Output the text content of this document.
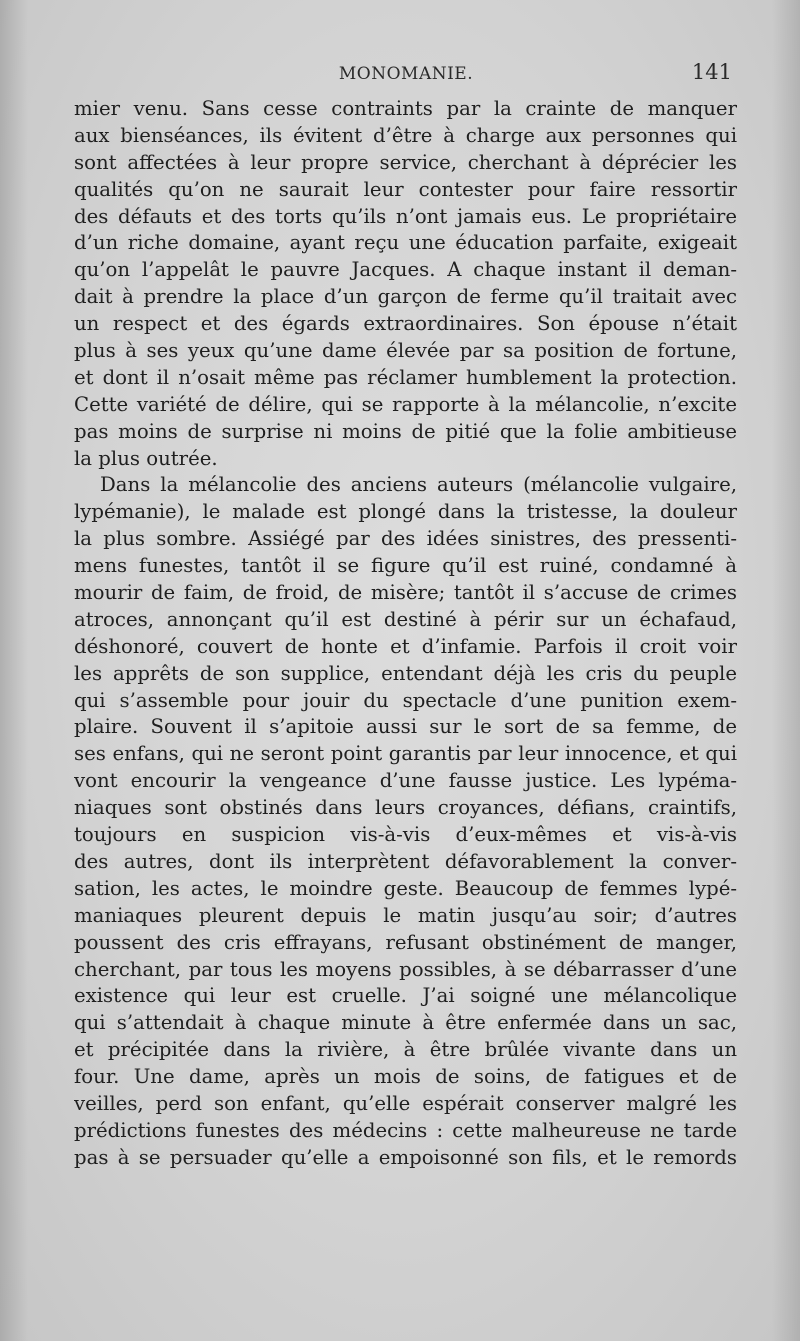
MONOMANIE.	141
mier venu. Sans cesse contraints par la crainte de manquer
aux bienséances, ils évitent d’être à charge aux personnes qui
sont affectées à leur propre service, cherchant à déprécier les
qualités qu’on ne saurait leur contester pour faire ressortir
des défauts et des torts qu’ils n’ont jamais eus. Le propriétaire
d’un riche domaine, ayant reçu une éducation parfaite, exigeait
qu’on l’appelât le pauvre Jacques. A chaque instant il deman-
dait à prendre la place d’un garçon de ferme qu’il traitait avec
un respect et des égards extraordinaires. Son épouse n’était
plus à ses yeux qu’une dame élevée par sa position de fortune,
et dont il n’osait même pas réclamer humblement la protection.
Cette variété de délire, qui se rapporte à la mélancolie, n’excite
pas moins de surprise ni moins de pitié que la folie ambitieuse
la plus outrée.
Dans la mélancolie des anciens auteurs (mélancolie vulgaire,
lypémanie), le malade est plongé dans la tristesse, la douleur
la plus sombre. Assiégé par des idées sinistres, des pressenti-
mens funestes, tantôt il se figure qu’il est ruiné, condamné à
mourir de faim, de froid, de misère; tantôt il s’accuse de crimes
atroces, annonçant qu’il est destiné à périr sur un échafaud,
déshonoré, couvert de honte et d’infamie. Parfois il croit voir
les apprêts de son supplice, entendant déjà les cris du peuple
qui s’assemble pour jouir du spectacle d’une punition exem-
plaire. Souvent il s’apitoie aussi sur le sort de sa femme, de
ses enfans, qui ne seront point garantis par leur innocence, et qui
vont encourir la vengeance d’une fausse justice. Les lypéma-
niaques sont obstinés dans leurs croyances, défians, craintifs,
toujours en suspicion vis-à-vis d’eux-mêmes et vis-à-vis
des autres, dont ils interprètent défavorablement la conver-
sation, les actes, le moindre geste. Beaucoup de femmes lypé-
maniaques pleurent depuis le matin jusqu’au soir; d’autres
poussent des cris effrayans, refusant obstinément de manger,
cherchant, par tous les moyens possibles, à se débarrasser d’une
existence qui leur est cruelle. J’ai soigné une mélancolique
qui s’attendait à chaque minute à être enfermée dans un sac,
et précipitée dans la rivière, à être brûlée vivante dans un
four. Une dame, après un mois de soins, de fatigues et de
veilles, perd son enfant, qu’elle espérait conserver malgré les
prédictions funestes des médecins : cette malheureuse ne tarde
pas à se persuader qu’elle a empoisonné son fils, et le remords
